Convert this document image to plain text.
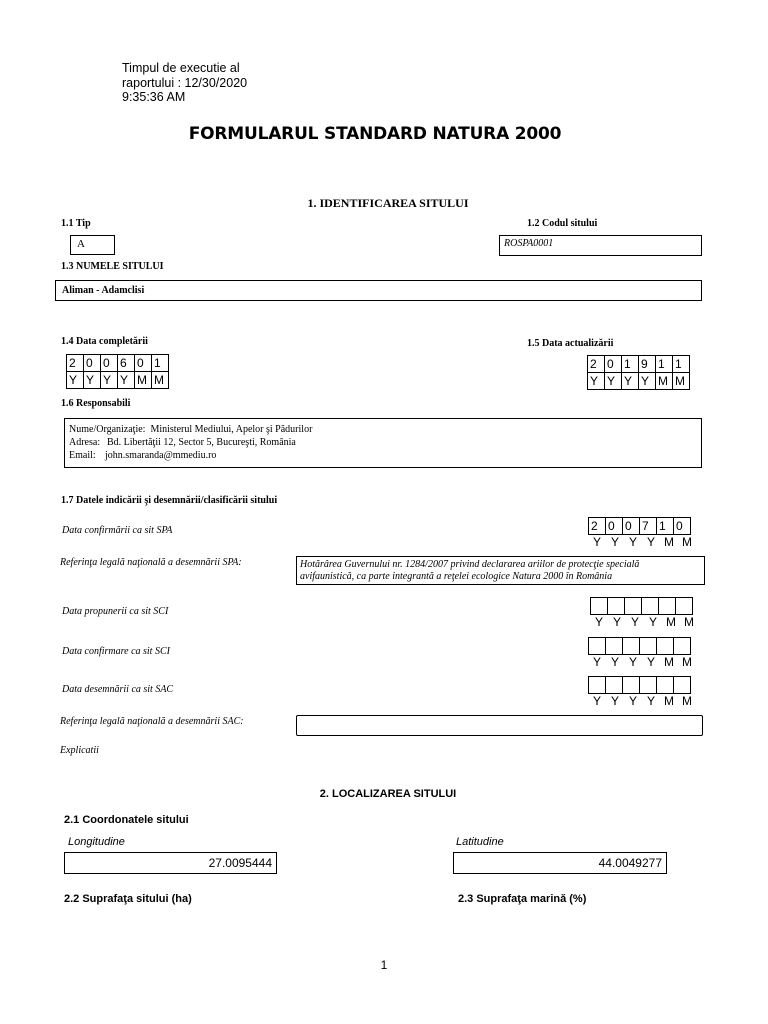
Timpul de executie al
raportului : 12/30/2020
9:35:36 AM
FORMULARUL STANDARD NATURA 2000
1. IDENTIFICAREA SITULUI
1.1 Tip
A
1.2 Codul sitului
ROSPA0001
1.3 NUMELE SITULUI
Aliman - Adamclisi
1.4 Data completării
2 0 0 6 0 1
Y Y Y Y M M
1.5 Data actualizării
2 0 1 9 1 1
Y Y Y Y M M
1.6 Responsabili
Nume/Organizaţie: Ministerul Mediului, Apelor şi Pădurilor
Adresa: Bd. Libertăţii 12, Sector 5, Bucureşti, România
Email: john.smaranda@mmediu.ro
1.7 Datele indicării şi desemnării/clasificării sitului
Data confirmării ca sit SPA	2 0 0 7 1 0
Y Y Y Y M M
Referinţa legală naţională a desemnării SPA:	Hotărârea Guvernului nr. 1284/2007 privind declararea ariilor de protecţie specială
avifaunistică, ca parte integrantă a reţelei ecologice Natura 2000 în România
Data propunerii ca sit SCI
Y Y Y Y M M
Data confirmare ca sit SCI
Y Y Y Y M M
Data desemnării ca sit SAC
Y Y Y Y M M
Referinţa legală naţională a desemnării SAC:
Explicatii
2. LOCALIZAREA SITULUI
2.1 Coordonatele sitului
Longitudine
27.0095444
Latitudine
44.0049277
2.2 Suprafaţa sitului (ha)	2.3 Suprafaţa marină (%)
1
